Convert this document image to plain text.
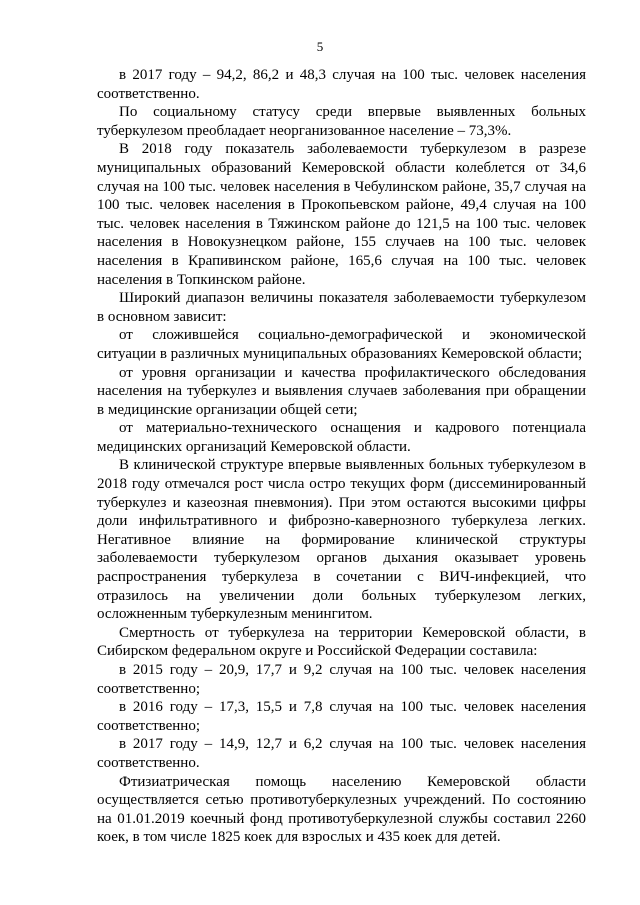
5

в 2017 году – 94,2, 86,2 и 48,3 случая на 100 тыс. человек населения соответственно.

По социальному статусу среди впервые выявленных больных туберкулезом преобладает неорганизованное население – 73,3%.

В 2018 году показатель заболеваемости туберкулезом в разрезе муниципальных образований Кемеровской области колеблется от 34,6 случая на 100 тыс. человек населения в Чебулинском районе, 35,7 случая на 100 тыс. человек населения в Прокопьевском районе, 49,4 случая на 100 тыс. человек населения в Тяжинском районе до 121,5 на 100 тыс. человек населения в Новокузнецком районе, 155 случаев на 100 тыс. человек населения в Крапивинском районе, 165,6 случая на 100 тыс. человек населения в Топкинском районе.

Широкий диапазон величины показателя заболеваемости туберкулезом в основном зависит:

от сложившейся социально-демографической и экономической ситуации в различных муниципальных образованиях Кемеровской области;

от уровня организации и качества профилактического обследования населения на туберкулез и выявления случаев заболевания при обращении в медицинские организации общей сети;

от материально-технического оснащения и кадрового потенциала медицинских организаций Кемеровской области.

В клинической структуре впервые выявленных больных туберкулезом в 2018 году отмечался рост числа остро текущих форм (диссеминированный туберкулез и казеозная пневмония). При этом остаются высокими цифры доли инфильтративного и фиброзно-кавернозного туберкулеза легких. Негативное влияние на формирование клинической структуры заболеваемости туберкулезом органов дыхания оказывает уровень распространения туберкулеза в сочетании с ВИЧ-инфекцией, что отразилось на увеличении доли больных туберкулезом легких, осложненным туберкулезным менингитом.

Смертность от туберкулеза на территории Кемеровской области, в Сибирском федеральном округе и Российской Федерации составила:

в 2015 году – 20,9, 17,7 и 9,2 случая на 100 тыс. человек населения соответственно;

в 2016 году – 17,3, 15,5 и 7,8 случая на 100 тыс. человек населения соответственно;

в 2017 году – 14,9, 12,7 и 6,2 случая на 100 тыс. человек населения соответственно.

Фтизиатрическая помощь населению Кемеровской области осуществляется сетью противотуберкулезных учреждений. По состоянию на 01.01.2019 коечный фонд противотуберкулезной службы составил 2260 коек, в том числе 1825 коек для взрослых и 435 коек для детей.
